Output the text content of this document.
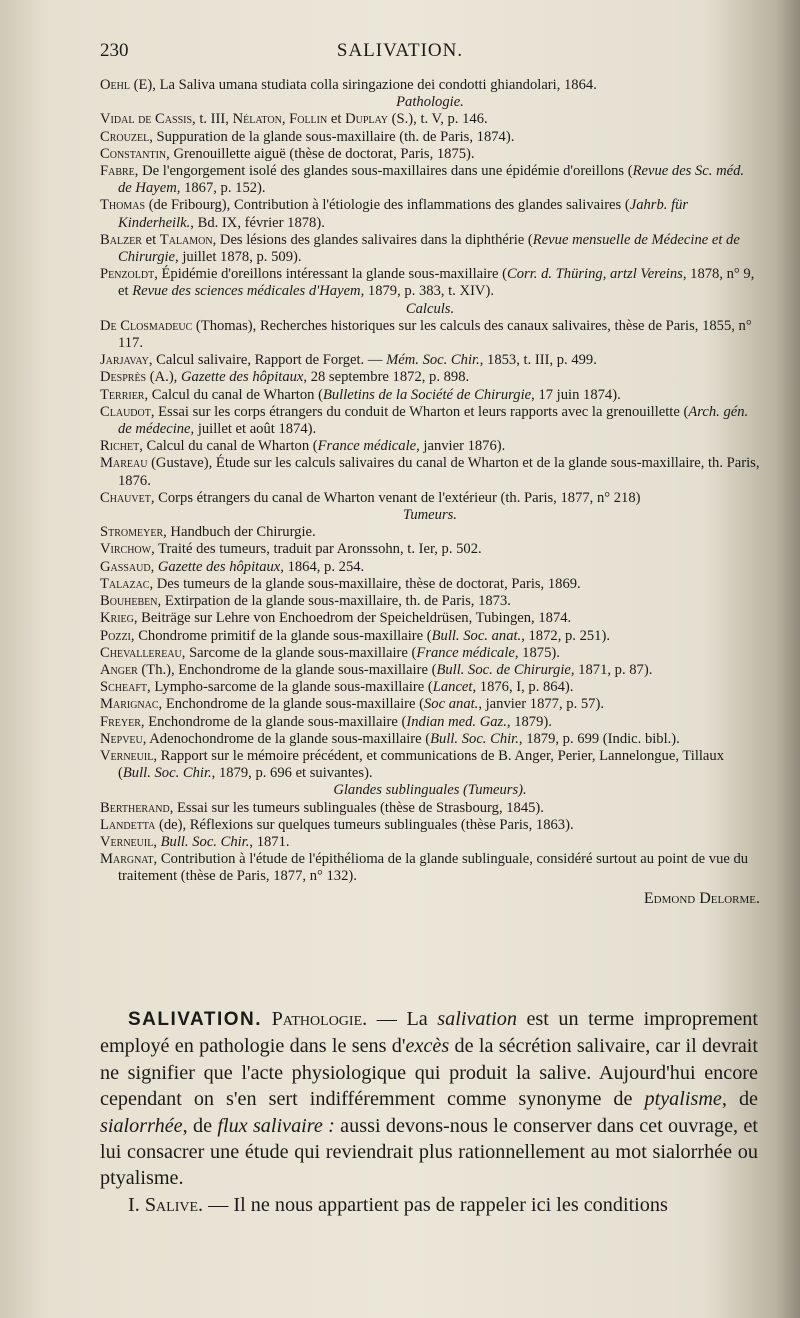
230	SALIVATION.
Oehl (E), La Saliva umana studiata colla siringazione dei condotti ghiandolari, 1864.
Pathologie.
Vidal de Cassis, t. III, Nélaton, Follin et Duplay (S.), t. V, p. 146.
Crouzel, Suppuration de la glande sous-maxillaire (th. de Paris, 1874).
Constantin, Grenouillette aiguë (thèse de doctorat, Paris, 1875).
Fabre, De l'engorgement isolé des glandes sous-maxillaires dans une épidémie d'oreillons (Revue des Sc. méd. de Hayem, 1867, p. 152).
Thomas (de Fribourg), Contribution à l'étiologie des inflammations des glandes salivaires (Jahrb. für Kinderheilk., Bd. IX, février 1878).
Balzer et Talamon, Des lésions des glandes salivaires dans la diphthérie (Revue mensuelle de Médecine et de Chirurgie, juillet 1878, p. 509).
Penzoldt, Épidémie d'oreillons intéressant la glande sous-maxillaire (Corr. d. Thüring, artzl Vereins, 1878, n° 9, et Revue des sciences médicales d'Hayem, 1879, p. 383, t. XIV).
Calculs.
De Closmadeuc (Thomas), Recherches historiques sur les calculs des canaux salivaires, thèse de Paris, 1855, n° 117.
Jarjavay, Calcul salivaire, Rapport de Forget. — Mém. Soc. Chir., 1853, t. III, p. 499.
Desprès (A.), Gazette des hôpitaux, 28 septembre 1872, p. 898.
Terrier, Calcul du canal de Wharton (Bulletins de la Société de Chirurgie, 17 juin 1874).
Claudot, Essai sur les corps étrangers du conduit de Wharton et leurs rapports avec la grenouillette (Arch. gén. de médecine, juillet et août 1874).
Richet, Calcul du canal de Wharton (France médicale, janvier 1876).
Mareau (Gustave), Étude sur les calculs salivaires du canal de Wharton et de la glande sous-maxillaire, th. Paris, 1876.
Chauvet, Corps étrangers du canal de Wharton venant de l'extérieur (th. Paris, 1877, n° 218)
Tumeurs.
Stromeyer, Handbuch der Chirurgie.
Virchow, Traité des tumeurs, traduit par Aronssohn, t. Ier, p. 502.
Gassaud, Gazette des hôpitaux, 1864, p. 254.
Talazac, Des tumeurs de la glande sous-maxillaire, thèse de doctorat, Paris, 1869.
Bouheben, Extirpation de la glande sous-maxillaire, th. de Paris, 1873.
Krieg, Beiträge sur Lehre von Enchoedrom der Speicheldrüsen, Tubingen, 1874.
Pozzi, Chondrome primitif de la glande sous-maxillaire (Bull. Soc. anat., 1872, p. 251).
Chevallereau, Sarcome de la glande sous-maxillaire (France médicale, 1875).
Anger (Th.), Enchondrome de la glande sous-maxillaire (Bull. Soc. de Chirurgie, 1871, p. 87).
Scheaft, Lympho-sarcome de la glande sous-maxillaire (Lancet, 1876, I, p. 864).
Marignac, Enchondrome de la glande sous-maxillaire (Soc anat., janvier 1877, p. 57).
Freyer, Enchondrome de la glande sous-maxillaire (Indian med. Gaz., 1879).
Nepveu, Adenochondrome de la glande sous-maxillaire (Bull. Soc. Chir., 1879, p. 699 (Indic. bibl.).
Verneuil, Rapport sur le mémoire précédent, et communications de B. Anger, Perier, Lannelongue, Tillaux (Bull. Soc. Chir., 1879, p. 696 et suivantes).
Glandes sublinguales (Tumeurs).
Bertherand, Essai sur les tumeurs sublinguales (thèse de Strasbourg, 1845).
Landetta (de), Réflexions sur quelques tumeurs sublinguales (thèse Paris, 1863).
Verneuil, Bull. Soc. Chir., 1871.
Margnat, Contribution à l'étude de l'épithélioma de la glande sublinguale, considéré surtout au point de vue du traitement (thèse de Paris, 1877, n° 132).
Edmond Delorme.

SALIVATION. Pathologie. — La salivation est un terme improprement employé en pathologie dans le sens d'excès de la sécrétion salivaire, car il devrait ne signifier que l'acte physiologique qui produit la salive. Aujourd'hui encore cependant on s'en sert indifféremment comme synonyme de ptyalisme, de sialorrhée, de flux salivaire : aussi devons-nous le conserver dans cet ouvrage, et lui consacrer une étude qui reviendrait plus rationnellement au mot sialorrhée ou ptyalisme.

I. Salive. — Il ne nous appartient pas de rappeler ici les conditions
